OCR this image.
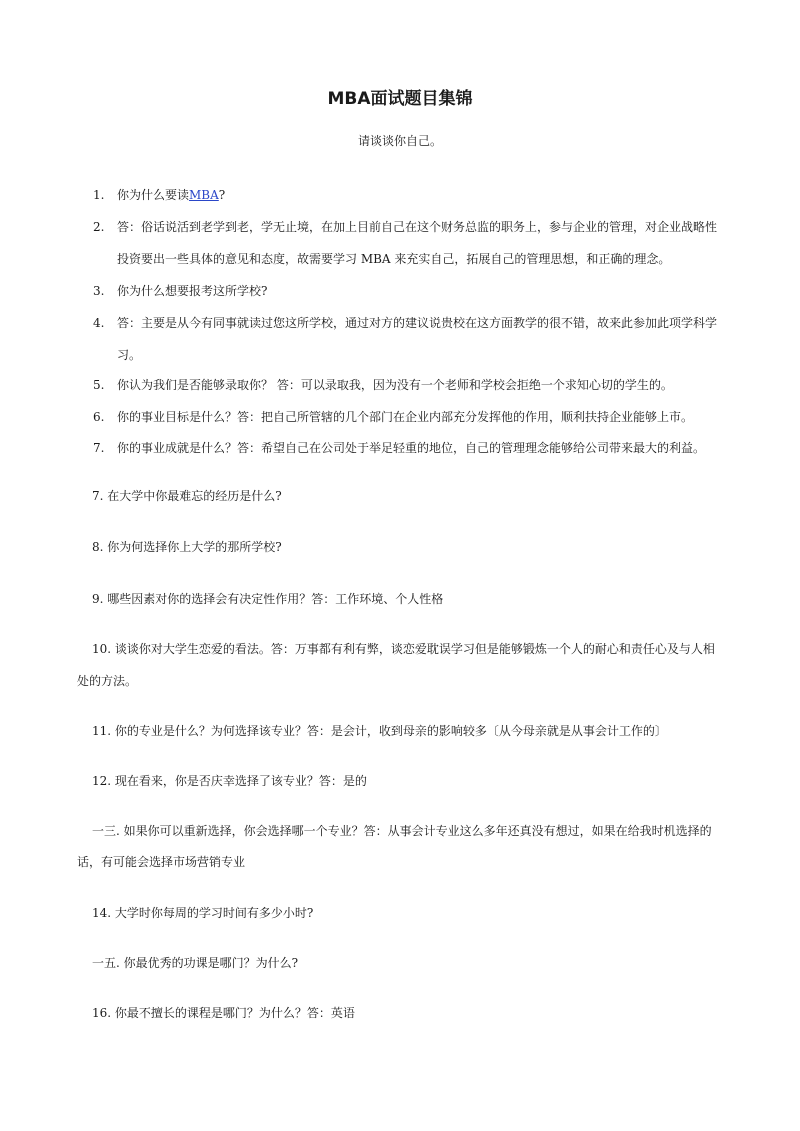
MBA面试题目集锦
请谈谈你自己。
1. 你为什么要读MBA?
2. 答：俗话说活到老学到老，学无止境，在加上目前自己在这个财务总监的职务上，参与企业的管理，对企业战略性
投资要出一些具体的意见和态度，故需要学习 MBA 来充实自己，拓展自己的管理思想，和正确的理念。
3. 你为什么想要报考这所学校?
4. 答：主要是从今有同事就读过您这所学校，通过对方的建议说贵校在这方面教学的很不错，故来此参加此项学科学
习。
5. 你认为我们是否能够录取你？ 答：可以录取我，因为没有一个老师和学校会拒绝一个求知心切的学生的。
6. 你的事业目标是什么？答：把自己所管辖的几个部门在企业内部充分发挥他的作用，顺利扶持企业能够上市。
7. 你的事业成就是什么？答：希望自己在公司处于举足轻重的地位，自己的管理理念能够给公司带来最大的利益。
7. 在大学中你最难忘的经历是什么?
8. 你为何选择你上大学的那所学校?
9. 哪些因素对你的选择会有决定性作用？答：工作环境、个人性格
10. 谈谈你对大学生恋爱的看法。答：万事都有利有弊，谈恋爱耽误学习但是能够锻炼一个人的耐心和责任心及与人相
处的方法。
11. 你的专业是什么？为何选择该专业？答：是会计，收到母亲的影响较多〔从今母亲就是从事会计工作的〕
12. 现在看来，你是否庆幸选择了该专业？答：是的
一三. 如果你可以重新选择，你会选择哪一个专业？答：从事会计专业这么多年还真没有想过，如果在给我时机选择的
话，有可能会选择市场营销专业
14. 大学时你每周的学习时间有多少小时?
一五. 你最优秀的功课是哪门？为什么?
16. 你最不擅长的课程是哪门？为什么？答：英语
